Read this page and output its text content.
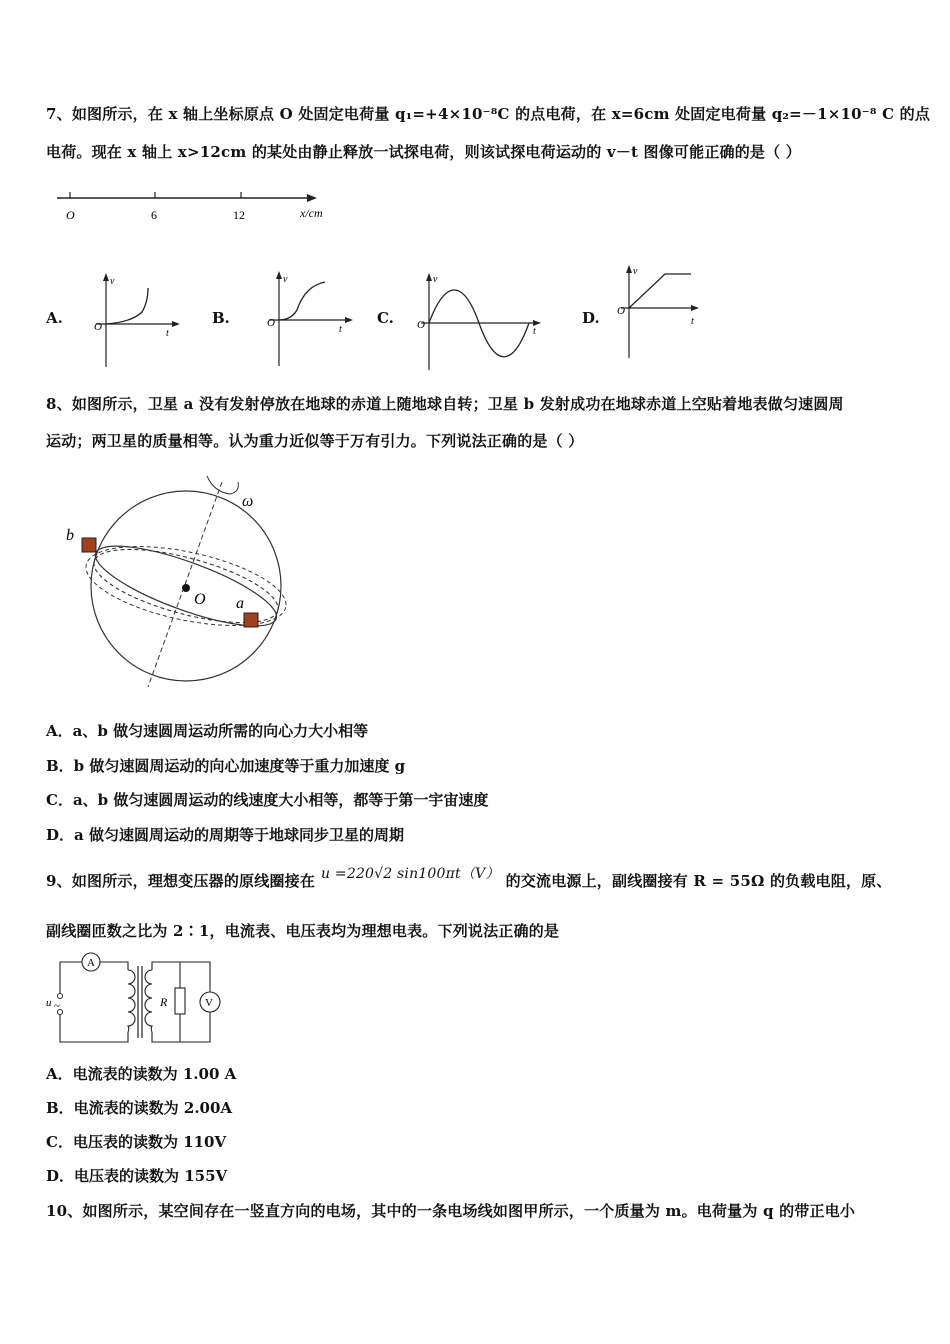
7、如图所示，在 x 轴上坐标原点 O 处固定电荷量 q₁=+4×10⁻⁸C 的点电荷，在 x=6cm 处固定电荷量 q₂=－1×10⁻⁸ C 的点
电荷。现在 x 轴上 x>12cm 的某处由静止释放一试探电荷，则该试探电荷运动的 v－t 图像可能正确的是（ ）
O	6	12	x/cm
A.
v
O
t
B.
v
O
t
C.
v
O
t
D.
v
O
t
8、如图所示，卫星 a 没有发射停放在地球的赤道上随地球自转；卫星 b 发射成功在地球赤道上空贴着地表做匀速圆周
运动；两卫星的质量相等。认为重力近似等于万有引力。下列说法正确的是（ ）
b
O a
ω
A．a、b 做匀速圆周运动所需的向心力大小相等
B．b 做匀速圆周运动的向心加速度等于重力加速度 g
C．a、b 做匀速圆周运动的线速度大小相等，都等于第一宇宙速度
D．a 做匀速圆周运动的周期等于地球同步卫星的周期
9、如图所示，理想变压器的原线圈接在 u =220√2 sin100πt（V） 的交流电源上，副线圈接有 R = 55Ω 的负载电阻，原、
副线圈匝数之比为 2∶1，电流表、电压表均为理想电表。下列说法正确的是
A
u ~	R	V
A．电流表的读数为 1.00 A
B．电流表的读数为 2.00A
C．电压表的读数为 110V
D．电压表的读数为 155V
10、如图所示，某空间存在一竖直方向的电场，其中的一条电场线如图甲所示，一个质量为 m。电荷量为 q 的带正电小
